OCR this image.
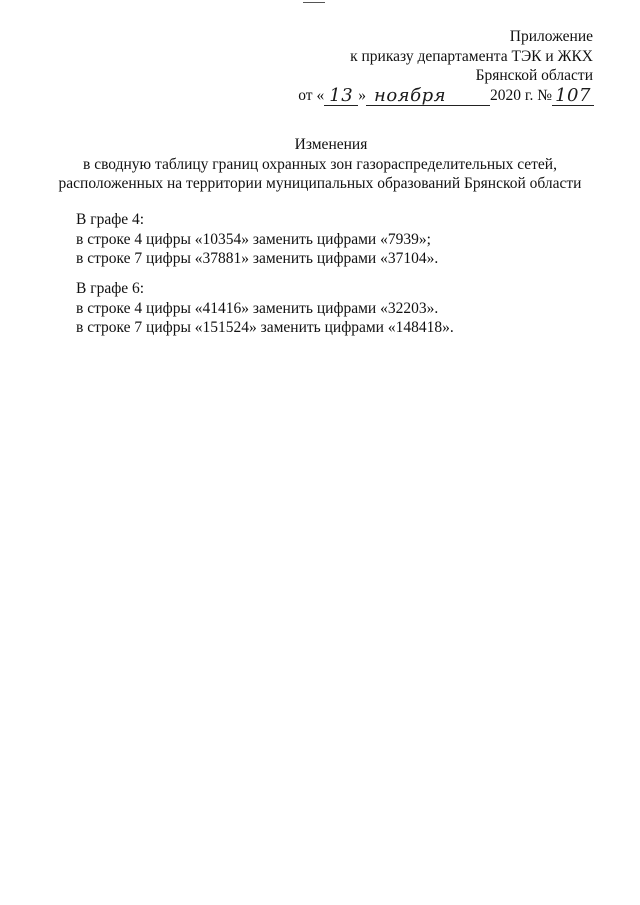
Приложение
к приказу департамента ТЭК и ЖКХ
Брянской области
от « 13 » ноября	2020 г. № 107
Изменения
в сводную таблицу границ охранных зон газораспределительных сетей,
расположенных на территории муниципальных образований Брянской области
В графе 4:
в строке 4 цифры «10354» заменить цифрами «7939»;
в строке 7 цифры «37881» заменить цифрами «37104».
В графе 6:
в строке 4 цифры «41416» заменить цифрами «32203».
в строке 7 цифры «151524» заменить цифрами «148418».
